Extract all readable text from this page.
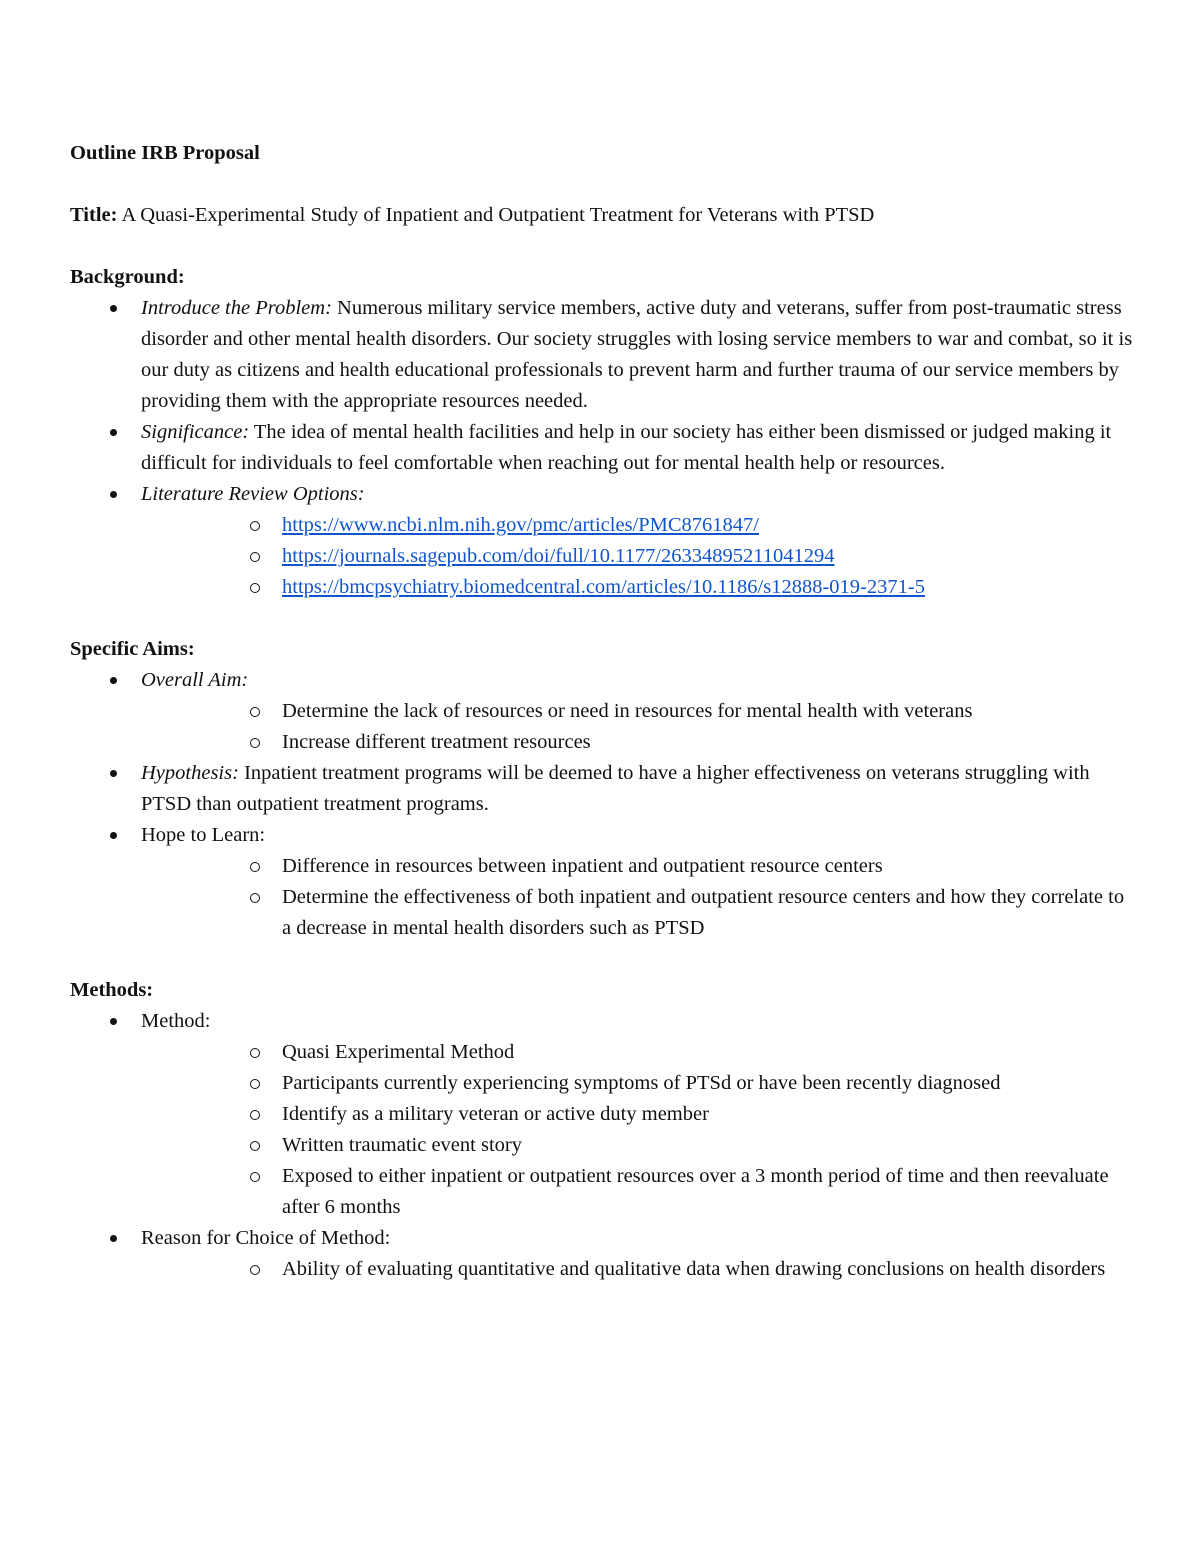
Outline IRB Proposal

Title: A Quasi-Experimental Study of Inpatient and Outpatient Treatment for Veterans with PTSD

Background:

Introduce the Problem: Numerous military service members, active duty and veterans, suffer from post-traumatic stress disorder and other mental health disorders. Our society struggles with losing service members to war and combat, so it is our duty as citizens and health educational professionals to prevent harm and further trauma of our service members by providing them with the appropriate resources needed.
Significance: The idea of mental health facilities and help in our society has either been dismissed or judged making it difficult for individuals to feel comfortable when reaching out for mental health help or resources.
Literature Review Options:
https://www.ncbi.nlm.nih.gov/pmc/articles/PMC8761847/
https://journals.sagepub.com/doi/full/10.1177/26334895211041294
https://bmcpsychiatry.biomedcentral.com/articles/10.1186/s12888-019-2371-5

Specific Aims:

Overall Aim:
Determine the lack of resources or need in resources for mental health with veterans
Increase different treatment resources
Hypothesis: Inpatient treatment programs will be deemed to have a higher effectiveness on veterans struggling with PTSD than outpatient treatment programs.
Hope to Learn:
Difference in resources between inpatient and outpatient resource centers
Determine the effectiveness of both inpatient and outpatient resource centers and how they correlate to a decrease in mental health disorders such as PTSD

Methods:

Method:
Quasi Experimental Method
Participants currently experiencing symptoms of PTSd or have been recently diagnosed
Identify as a military veteran or active duty member
Written traumatic event story
Exposed to either inpatient or outpatient resources over a 3 month period of time and then reevaluate after 6 months
Reason for Choice of Method:
Ability of evaluating quantitative and qualitative data when drawing conclusions on health disorders
